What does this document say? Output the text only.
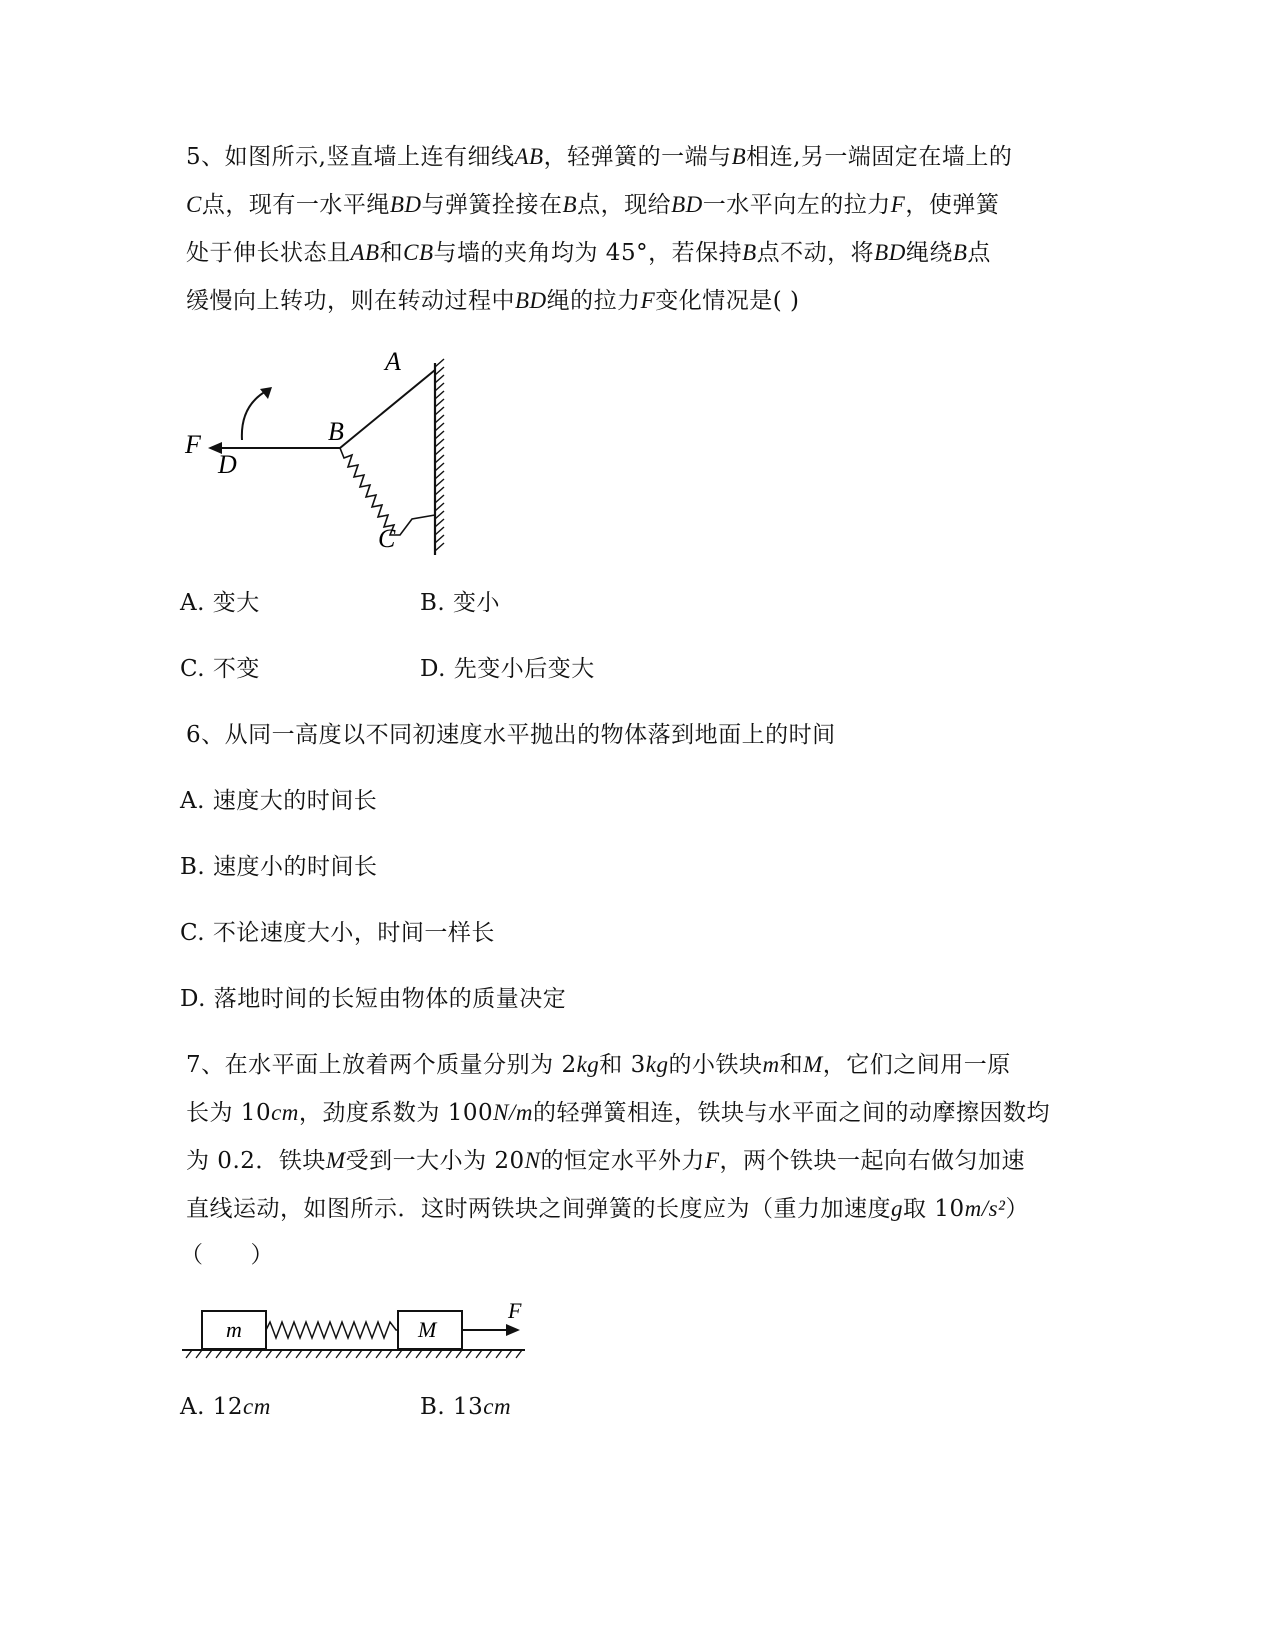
5、如图所示,竖直墙上连有细线AB，轻弹簧的一端与B相连,另一端固定在墙上的
C点，现有一水平绳BD与弹簧拴接在B点，现给BD一水平向左的拉力F，使弹簧
处于伸长状态且AB和CB与墙的夹角均为 45°，若保持B点不动，将BD绳绕B点
缓慢向上转功，则在转动过程中BD绳的拉力F变化情况是( )
A
B
C
D
F
A. 变大	B. 变小
C. 不变	D. 先变小后变大
6、从同一高度以不同初速度水平抛出的物体落到地面上的时间
A. 速度大的时间长
B. 速度小的时间长
C. 不论速度大小，时间一样长
D. 落地时间的长短由物体的质量决定
7、在水平面上放着两个质量分别为 2kg和 3kg的小铁块m和M，它们之间用一原
长为 10cm，劲度系数为 100N/m的轻弹簧相连，铁块与水平面之间的动摩擦因数均
为 0.2．铁块M受到一大小为 20N的恒定水平外力F，两个铁块一起向右做匀加速
直线运动，如图所示．这时两铁块之间弹簧的长度应为（重力加速度g取 10m/s²）
（　　）
m	M
F
A. 12cm	B. 13cm
